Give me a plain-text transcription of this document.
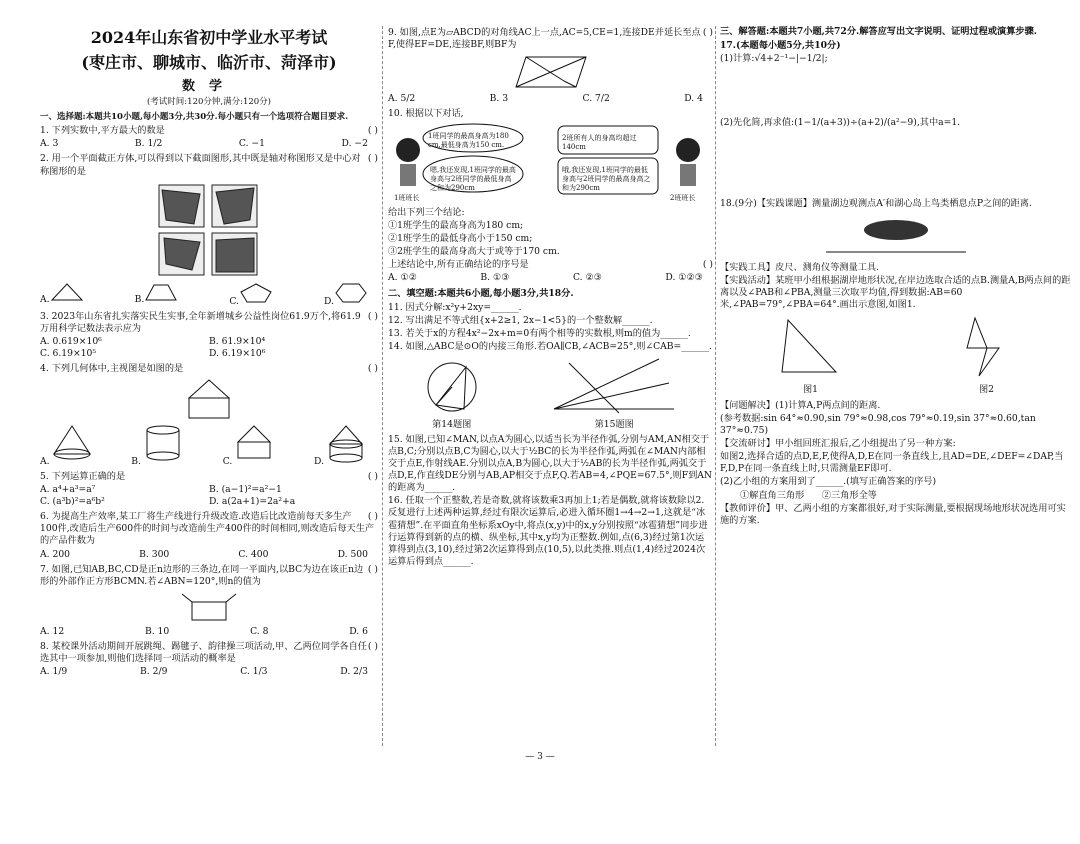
2024年山东省初中学业水平考试
(枣庄市、聊城市、临沂市、菏泽市)
数学
(考试时间:120分钟,满分:120分)
一、选择题:本题共10小题,每小题3分,共30分.每小题只有一个选项符合题目要求.
( )
1. 下列实数中,平方最大的数是
A. 3	B. 1/2	C. −1	D. −2
( )
2. 用一个平面截正方体,可以得到以下截面图形,其中既是轴对称图形又是中心对称图形的是
A.	B.	C.	D.
( )
3. 2023年山东省扎实落实民生实事,全年新增城乡公益性岗位61.9万个,将61.9万用科学记数法表示应为
A. 0.619×10⁶	B. 61.9×10⁴
C. 6.19×10⁵	D. 6.19×10⁶
( )
4. 下列几何体中,主视图是如图的是
A.	B.	C.	D.
( )
5. 下列运算正确的是
A. a⁴+a³=a⁷	B. (a−1)²=a²−1
C. (a³b)²=a⁶b²	D. a(2a+1)=2a²+a
( )
6. 为提高生产效率,某工厂将生产线进行升级改造.改造后比改造前每天多生产100件,改造后生产600件的时间与改造前生产400件的时间相同,则改造后每天生产的产品件数为
A. 200	B. 300	C. 400	D. 500
( )
7. 如图,已知AB,BC,CD是正n边形的三条边,在同一平面内,以BC为边在该正n边形的外部作正方形BCMN.若∠ABN=120°,则n的值为
A. 12	B. 10	C. 8	D. 6
( )
8. 某校课外活动期间开展跳绳、踢毽子、韵律操三项活动,甲、乙两位同学各自任选其中一项参加,则他们选择同一项活动的概率是
A. 1/9	B. 2/9	C. 1/3	D. 2/3
( )
9. 如图,点E为▱ABCD的对角线AC上一点,AC=5,CE=1,连接DE并延长至点F,使得EF=DE,连接BF,则BF为
A. 5/2	B. 3	C. 7/2	D. 4
10. 根据以下对话,
1班同学的最高身高为180 cm,最低身高为150 cm.
嗯,我还发现,1班同学的最高身高与2班同学的最低身高之和为290cm
2班所有人的身高均超过140cm
哦,我还发现,1班同学的最低身高与2班同学的最高身高之和为290cm
1班班长	2班班长
给出下列三个结论:
①1班学生的最高身高为180 cm;
②1班学生的最低身高小于150 cm;
③2班学生的最高身高大于或等于170 cm.
( )
上述结论中,所有正确结论的序号是
A. ①②	B. ①③	C. ②③	D. ①②③
二、填空题:本题共6小题,每小题3分,共18分.
11. 因式分解:x²y+2xy=______.
12. 写出满足不等式组{x+2≥1, 2x−1<5}的一个整数解______.
13. 若关于x的方程4x²−2x+m=0有两个相等的实数根,则m的值为______.
14. 如图,△ABC是⊙O的内接三角形.若OA∥CB,∠ACB=25°,则∠CAB=______.
第14题图	第15题图
15. 如图,已知∠MAN,以点A为圆心,以适当长为半径作弧,分别与AM,AN相交于点B,C;分别以点B,C为圆心,以大于½BC的长为半径作弧,两弧在∠MAN内部相交于点E,作射线AE.分别以点A,B为圆心,以大于½AB的长为半径作弧,两弧交于点D,E,作直线DE分别与AB,AP相交于点F,Q.若AB=4,∠PQE=67.5°,则F到AN的距离为______.
16. 任取一个正整数,若是奇数,就将该数乘3再加上1;若是偶数,就将该数除以2.反复进行上述两种运算,经过有限次运算后,必进入循环圈1→4→2→1,这就是“冰雹猜想”.在平面直角坐标系xOy中,将点(x,y)中的x,y分别按照“冰雹猜想”同步进行运算得到新的点的横、纵坐标,其中x,y均为正整数.例如,点(6,3)经过第1次运算得到点(3,10),经过第2次运算得到点(10,5),以此类推.则点(1,4)经过2024次运算后得到点______.
三、解答题:本题共7小题,共72分.解答应写出文字说明、证明过程或演算步骤.
17.(本题每小题5分,共10分)
(1)计算:√4+2⁻¹−|−1/2|;
(2)先化简,再求值:(1−1/(a+3))÷(a+2)/(a²−9),其中a=1.
18.(9分)【实践课题】测量湖边观测点A′和湖心岛上鸟类栖息点P之间的距离.
【实践工具】皮尺、测角仪等测量工具.
【实践活动】某班甲小组根据湖岸地形状况,在岸边选取合适的点B.测量A,B两点间的距离以及∠PAB和∠PBA,测量三次取平均值,得到数据:AB=60米,∠PAB=79°,∠PBA=64°.画出示意图,如图1.
图1	图2
【问题解决】(1)计算A,P两点间的距离.
(参考数据:sin 64°≈0.90,sin 79°≈0.98,cos 79°≈0.19,sin 37°≈0.60,tan 37°≈0.75)
【交流研讨】甲小组回班汇报后,乙小组提出了另一种方案:
如图2,选择合适的点D,E,F,使得A,D,E在同一条直线上,且AD=DE,∠DEF=∠DAP,当F,D,P在同一条直线上时,只需测量EF即可.
(2)乙小组的方案用到了______.(填写正确答案的序号)
①解直角三角形 ②三角形全等
【教师评价】甲、乙两小组的方案都很好,对于实际测量,要根据现场地形状况选用可实施的方案.
— 3 —
